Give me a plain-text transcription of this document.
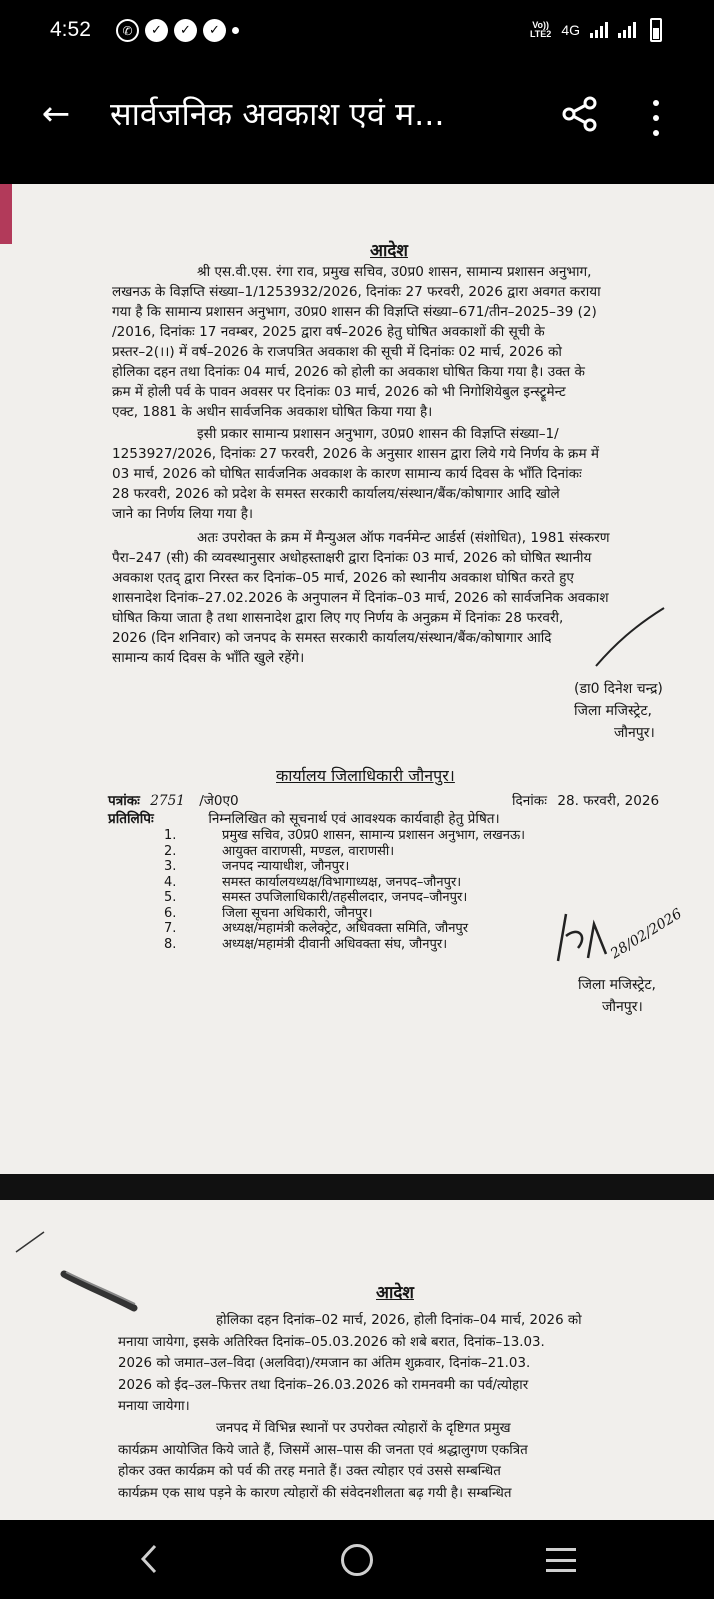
4:52	✆	✓	✓	✓	Vo))
LTE2 4G
← सार्वजनिक अवकाश एवं म...
आदेश
श्री एस.वी.एस. रंगा राव, प्रमुख सचिव, उ0प्र0 शासन, सामान्य प्रशासन अनुभाग,
लखनऊ के विज्ञप्ति संख्या–1/1253932/2026, दिनांकः 27 फरवरी, 2026 द्वारा अवगत कराया
गया है कि सामान्य प्रशासन अनुभाग, उ0प्र0 शासन की विज्ञप्ति संख्या–671/तीन–2025–39 (2)
/2016, दिनांकः 17 नवम्बर, 2025 द्वारा वर्ष–2026 हेतु घोषित अवकाशों की सूची के
प्रस्तर–2(।।) में वर्ष–2026 के राजपत्रित अवकाश की सूची में दिनांकः 02 मार्च, 2026 को
होलिका दहन तथा दिनांकः 04 मार्च, 2026 को होली का अवकाश घोषित किया गया है। उक्त के
क्रम में होली पर्व के पावन अवसर पर दिनांकः 03 मार्च, 2026 को भी निगोशियेबुल इन्स्ट्रूमेन्ट
एक्ट, 1881 के अधीन सार्वजनिक अवकाश घोषित किया गया है।
इसी प्रकार सामान्य प्रशासन अनुभाग, उ0प्र0 शासन की विज्ञप्ति संख्या–1/
1253927/2026, दिनांकः 27 फरवरी, 2026 के अनुसार शासन द्वारा लिये गये निर्णय के क्रम में
03 मार्च, 2026 को घोषित सार्वजनिक अवकाश के कारण सामान्य कार्य दिवस के भाँति दिनांकः
28 फरवरी, 2026 को प्रदेश के समस्त सरकारी कार्यालय/संस्थान/बैंक/कोषागार आदि खोले
जाने का निर्णय लिया गया है।
अतः उपरोक्त के क्रम में मैन्युअल ऑफ गवर्नमेन्ट आर्डर्स (संशोधित), 1981 संस्करण
पैरा–247 (सी) की व्यवस्थानुसार अधोहस्ताक्षरी द्वारा दिनांकः 03 मार्च, 2026 को घोषित स्थानीय
अवकाश एतद् द्वारा निरस्त कर दिनांक–05 मार्च, 2026 को स्थानीय अवकाश घोषित करते हुए
शासनादेश दिनांक–27.02.2026 के अनुपालन में दिनांक–03 मार्च, 2026 को सार्वजनिक अवकाश
घोषित किया जाता है तथा शासनादेश द्वारा लिए गए निर्णय के अनुक्रम में दिनांकः 28 फरवरी,
2026 (दिन शनिवार) को जनपद के समस्त सरकारी कार्यालय/संस्थान/बैंक/कोषागार आदि
सामान्य कार्य दिवस के भाँति खुले रहेंगे।
(डा0 दिनेश चन्द्र)
जिला मजिस्ट्रेट,
जौनपुर।
कार्यालय जिलाधिकारी जौनपुर।
पत्रांकः 2751 /जे0ए0	दिनांकः 28. फरवरी, 2026
प्रतिलिपिः	निम्नलिखित को सूचनार्थ एवं आवश्यक कार्यवाही हेतु प्रेषित।
1.	प्रमुख सचिव, उ0प्र0 शासन, सामान्य प्रशासन अनुभाग, लखनऊ।
2.	आयुक्त वाराणसी, मण्डल, वाराणसी।
3.	जनपद न्यायाधीश, जौनपुर।
4.	समस्त कार्यालयध्यक्ष/विभागाध्यक्ष, जनपद–जौनपुर।
5.	समस्त उपजिलाधिकारी/तहसीलदार, जनपद–जौनपुर।
6.	जिला सूचना अधिकारी, जौनपुर।
7.	अध्यक्ष/महामंत्री कलेक्ट्रेट, अधिवक्ता समिति, जौनपुर
8.	अध्यक्ष/महामंत्री दीवानी अधिवक्ता संघ, जौनपुर।	28/02/2026
जिला मजिस्ट्रेट,
जौनपुर।
आदेश
होलिका दहन दिनांक–02 मार्च, 2026, होली दिनांक–04 मार्च, 2026 को
मनाया जायेगा, इसके अतिरिक्त दिनांक–05.03.2026 को शबे बरात, दिनांक–13.03.
2026 को जमात–उल–विदा (अलविदा)/रमजान का अंतिम शुक्रवार, दिनांक–21.03.
2026 को ईद–उल–फित्तर तथा दिनांक–26.03.2026 को रामनवमी का पर्व/त्योहार
मनाया जायेगा।
जनपद में विभिन्न स्थानों पर उपरोक्त त्योहारों के दृष्टिगत प्रमुख
कार्यक्रम आयोजित किये जाते हैं, जिसमें आस–पास की जनता एवं श्रद्धालुगण एकत्रित
होकर उक्त कार्यक्रम को पर्व की तरह मनाते हैं। उक्त त्योहार एवं उससे सम्बन्धित
कार्यक्रम एक साथ पड़ने के कारण त्योहारों की संवेदनशीलता बढ़ गयी है। सम्बन्धित
